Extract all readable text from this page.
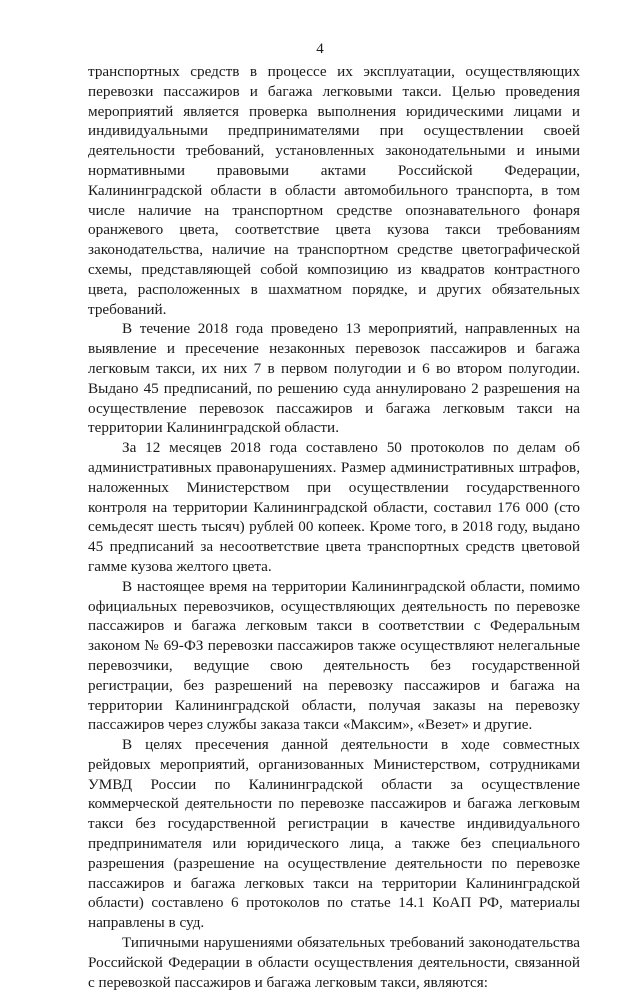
4

транспортных средств в процессе их эксплуатации, осуществляющих перевозки пассажиров и багажа легковыми такси. Целью проведения мероприятий является проверка выполнения юридическими лицами и индивидуальными предпринимателями при осуществлении своей деятельности требований, установленных законодательными и иными нормативными правовыми актами Российской Федерации, Калининградской области в области автомобильного транспорта, в том числе наличие на транспортном средстве опознавательного фонаря оранжевого цвета, соответствие цвета кузова такси требованиям законодательства, наличие на транспортном средстве цветографической схемы, представляющей собой композицию из квадратов контрастного цвета, расположенных в шахматном порядке, и других обязательных требований.

В течение 2018 года проведено 13 мероприятий, направленных на выявление и пресечение незаконных перевозок пассажиров и багажа легковым такси, их них 7 в первом полугодии и 6 во втором полугодии. Выдано 45 предписаний, по решению суда аннулировано 2 разрешения на осуществление перевозок пассажиров и багажа легковым такси на территории Калининградской области.

За 12 месяцев 2018 года составлено 50 протоколов по делам об административных правонарушениях. Размер административных штрафов, наложенных Министерством при осуществлении государственного контроля на территории Калининградской области, составил 176 000 (сто семьдесят шесть тысяч) рублей 00 копеек. Кроме того, в 2018 году, выдано 45 предписаний за несоответствие цвета транспортных средств цветовой гамме кузова желтого цвета.

В настоящее время на территории Калининградской области, помимо официальных перевозчиков, осуществляющих деятельность по перевозке пассажиров и багажа легковым такси в соответствии с Федеральным законом № 69-ФЗ перевозки пассажиров также осуществляют нелегальные перевозчики, ведущие свою деятельность без государственной регистрации, без разрешений на перевозку пассажиров и багажа на территории Калининградской области, получая заказы на перевозку пассажиров через службы заказа такси «Максим», «Везет» и другие.

В целях пресечения данной деятельности в ходе совместных рейдовых мероприятий, организованных Министерством, сотрудниками УМВД России по Калининградской области за осуществление коммерческой деятельности по перевозке пассажиров и багажа легковым такси без государственной регистрации в качестве индивидуального предпринимателя или юридического лица, а также без специального разрешения (разрешение на осуществление деятельности по перевозке пассажиров и багажа легковых такси на территории Калининградской области) составлено 6 протоколов по статье 14.1 КоАП РФ, материалы направлены в суд.

Типичными нарушениями обязательных требований законодательства Российской Федерации в области осуществления деятельности, связанной с перевозкой пассажиров и багажа легковым такси, являются:
